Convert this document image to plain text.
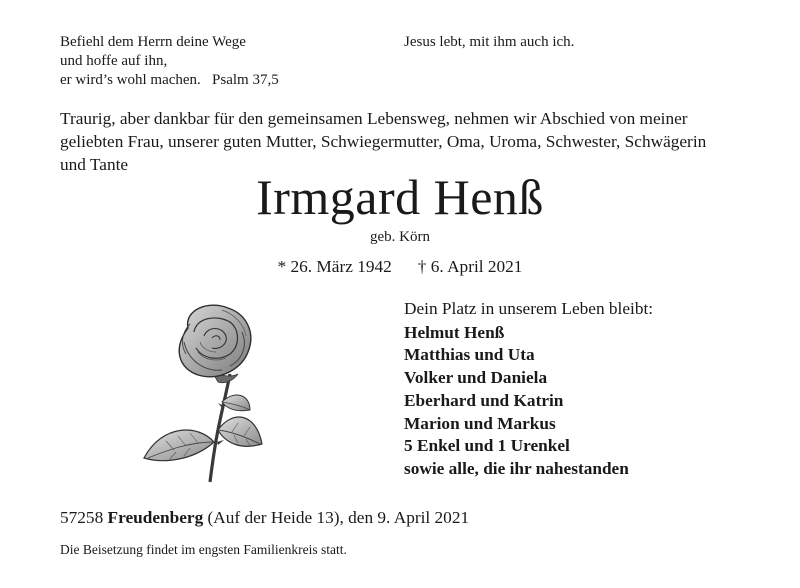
Befiehl dem Herrn deine Wege
und hoffe auf ihn,
er wird’s wohl machen.   Psalm 37,5
Jesus lebt, mit ihm auch ich.
Traurig, aber dankbar für den gemeinsamen Lebensweg, nehmen wir Abschied von meiner
geliebten Frau, unserer guten Mutter, Schwiegermutter, Oma, Uroma, Schwester, Schwägerin
und Tante
Irmgard Henß
geb. Körn
* 26. März 1942 † 6. April 2021
Dein Platz in unserem Leben bleibt:
Helmut Henß
Matthias und Uta
Volker und Daniela
Eberhard und Katrin
Marion und Markus
5 Enkel und 1 Urenkel
sowie alle, die ihr nahestanden
57258 Freudenberg (Auf der Heide 13), den 9. April 2021
Die Beisetzung findet im engsten Familienkreis statt.
